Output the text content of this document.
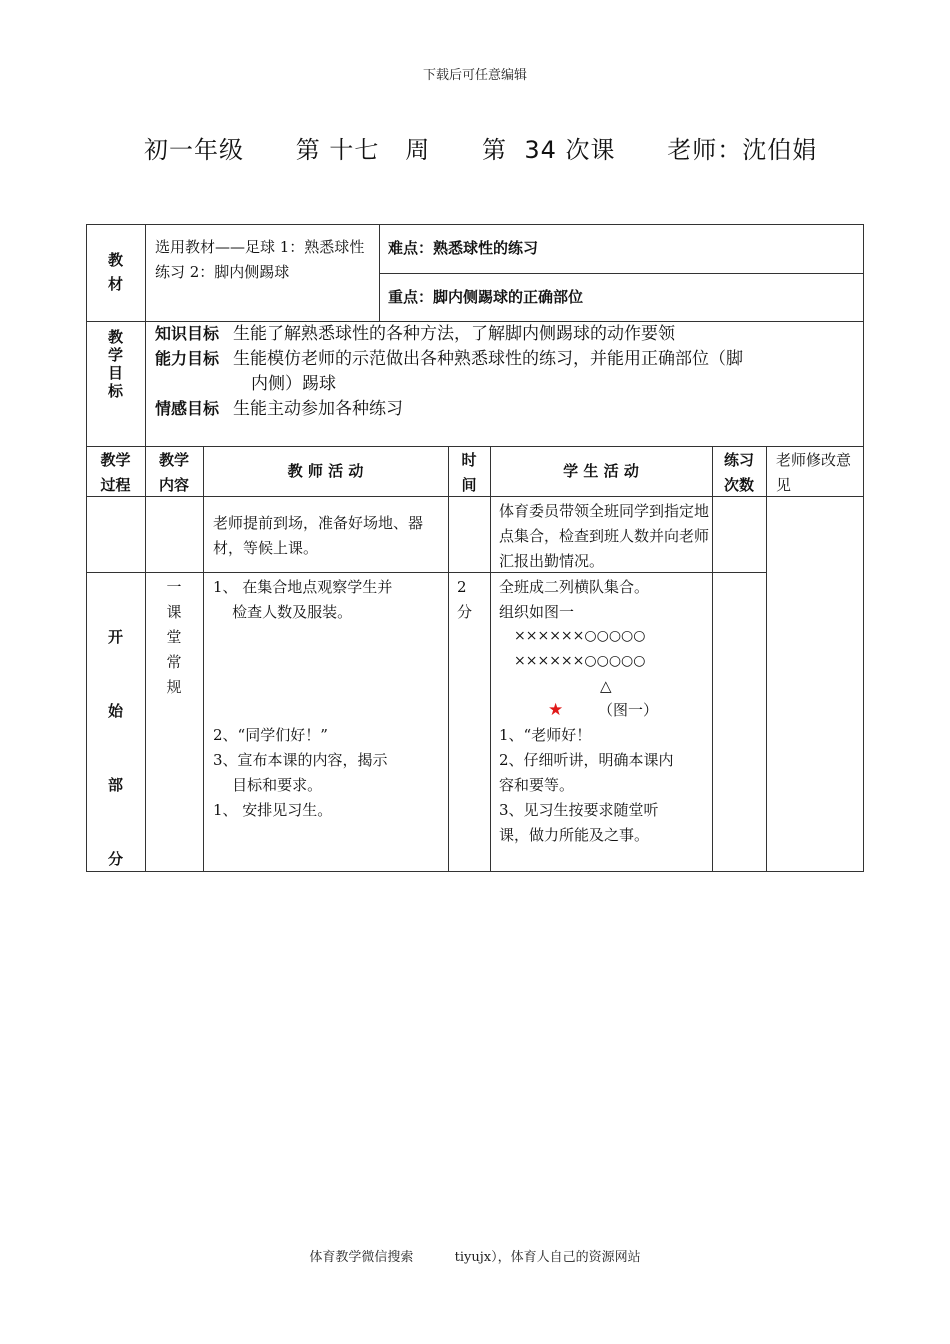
下载后可任意编辑
初一年级      第 十七   周      第  34 次课      老师：沈伯娟
教
材
选用教材——足球 1：熟悉球性练习 2：脚内侧踢球
难点：熟悉球性的练习
重点：脚内侧踢球的正确部位
教
学
目
标
知识目标 生能了解熟悉球性的各种方法，了解脚内侧踢球的动作要领
能力目标 生能模仿老师的示范做出各种熟悉球性的练习，并能用正确部位（脚
内侧）踢球
情感目标 生能主动参加各种练习
教学
过程
教学
内容
教 师 活 动
时
间
学 生 活 动
练习
次数
老师修改意见
老师提前到场，准备好场地、器材，等候上课。
体育委员带领全班同学到指定地点集合，检查到班人数并向老师汇报出勤情况。
开

始

部

分
一
课
堂
常
规
1、 在集合地点观察学生并
检查人数及服装。
2、“同学们好！”
3、宣布本课的内容，揭示
目标和要求。
1、 安排见习生。
2
分
全班成二列横队集合。
组织如图一
××××××○○○○○
××××××○○○○○
△
★ （图一）
1、“老师好！
2、仔细听讲，明确本课内
容和要等。
3、见习生按要求随堂听
课，做力所能及之事。
体育教学微信搜索          tiyujx），体育人自己的资源网站
